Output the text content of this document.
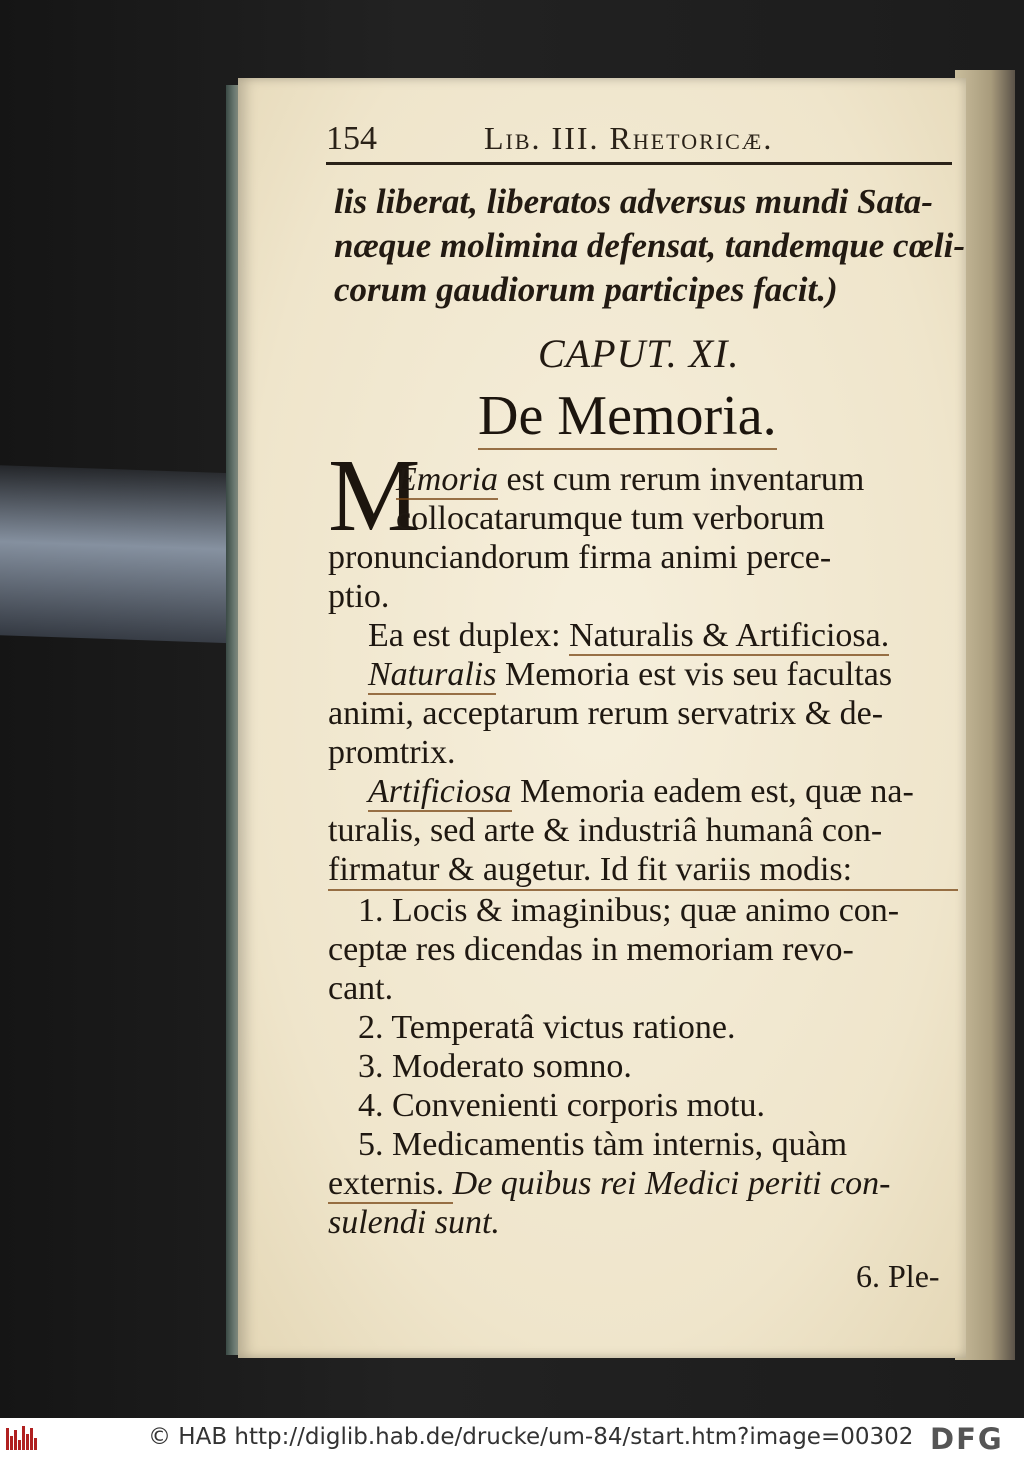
154	Lib. III. Rhetoricæ.
lis liberat, liberatos adversus mundi Sata-
næque molimina defensat, tandemque cœli-
corum gaudiorum participes facit.)
CAPUT. XI.
De Memoria.
M
Emoria est cum rerum inventarum
collocatarumque tum verborum
pronunciandorum firma animi perce-
ptio.
Ea est duplex: Naturalis & Artificiosa.
Naturalis Memoria est vis seu facultas
animi, acceptarum rerum servatrix & de-
promtrix.
Artificiosa Memoria eadem est, quæ na-
turalis, sed arte & industriâ humanâ con-
firmatur & augetur. Id fit variis modis:
1. Locis & imaginibus; quæ animo con-
ceptæ res dicendas in memoriam revo-
cant.
2. Temperatâ victus ratione.
3. Moderato somno.
4. Convenienti corporis motu.
5. Medicamentis tàm internis, quàm
externis. De quibus rei Medici periti con-
sulendi sunt.
6. Ple-
© HAB http://diglib.hab.de/drucke/um-84/start.htm?image=00302 DFG
